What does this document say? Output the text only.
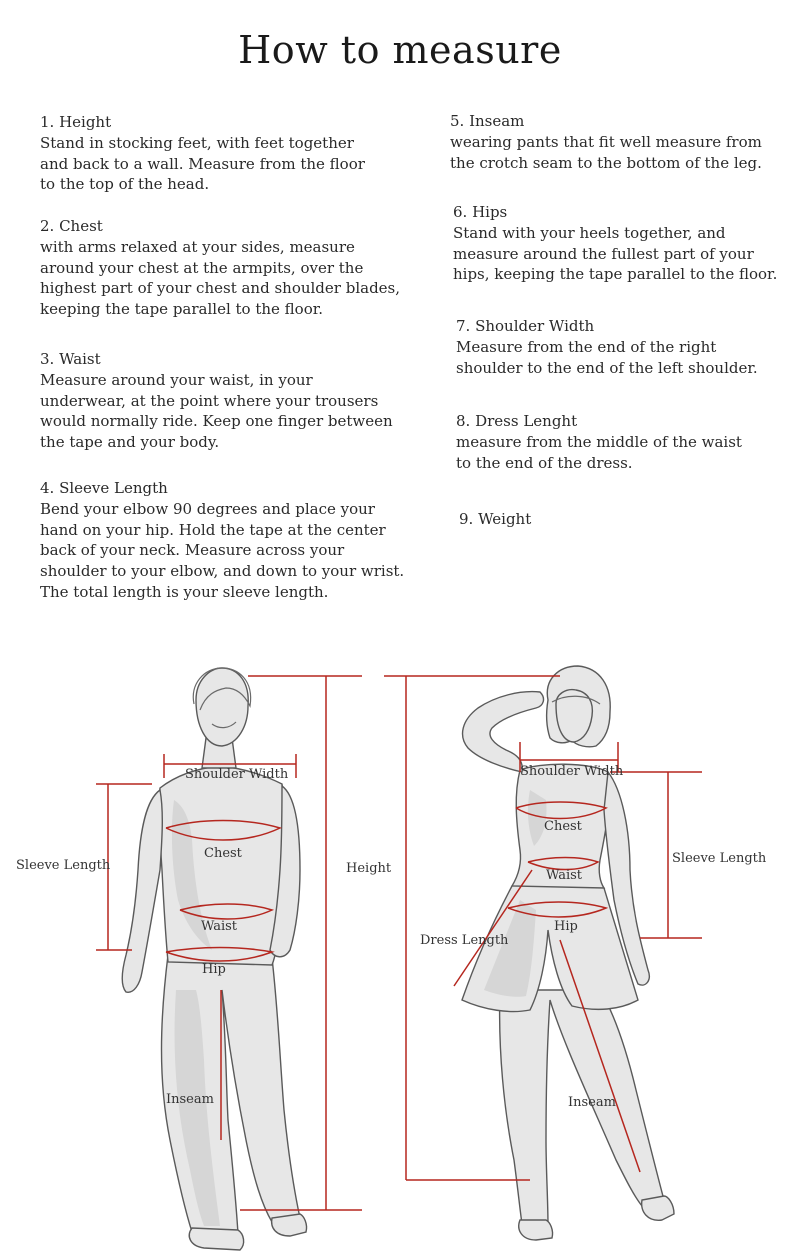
How to measure
1. Height
Stand in stocking feet, with feet together
and back to a wall. Measure from the floor
to the top of the head.
2. Chest
with arms relaxed at your sides, measure
around your chest at the armpits, over the
highest part of your chest and shoulder blades,
keeping the tape parallel to the floor.
3. Waist
Measure around your waist, in your
underwear, at the point where your trousers
would normally ride. Keep one finger between
the tape and your body.
4. Sleeve Length
Bend your elbow 90 degrees and place your
hand on your hip. Hold the tape at the center
back of your neck. Measure across your
shoulder to your elbow, and down to your wrist.
The total length is your sleeve length.
5. Inseam
wearing pants that fit well measure from
the crotch seam to the bottom of the leg.
6. Hips
Stand with your heels together, and
measure around the fullest part of your
hips, keeping the tape parallel to the floor.
7. Shoulder Width
Measure from the end of the right
shoulder to the end of the left shoulder.
8. Dress Lenght
measure from the middle of the waist
to the end of the dress.
9. Weight
Shoulder Width
Sleeve Length
Chest
Waist
Hip
Inseam
Height
Shoulder Width
Chest
Waist
Hip
Sleeve Length
Dress Length
Inseam
